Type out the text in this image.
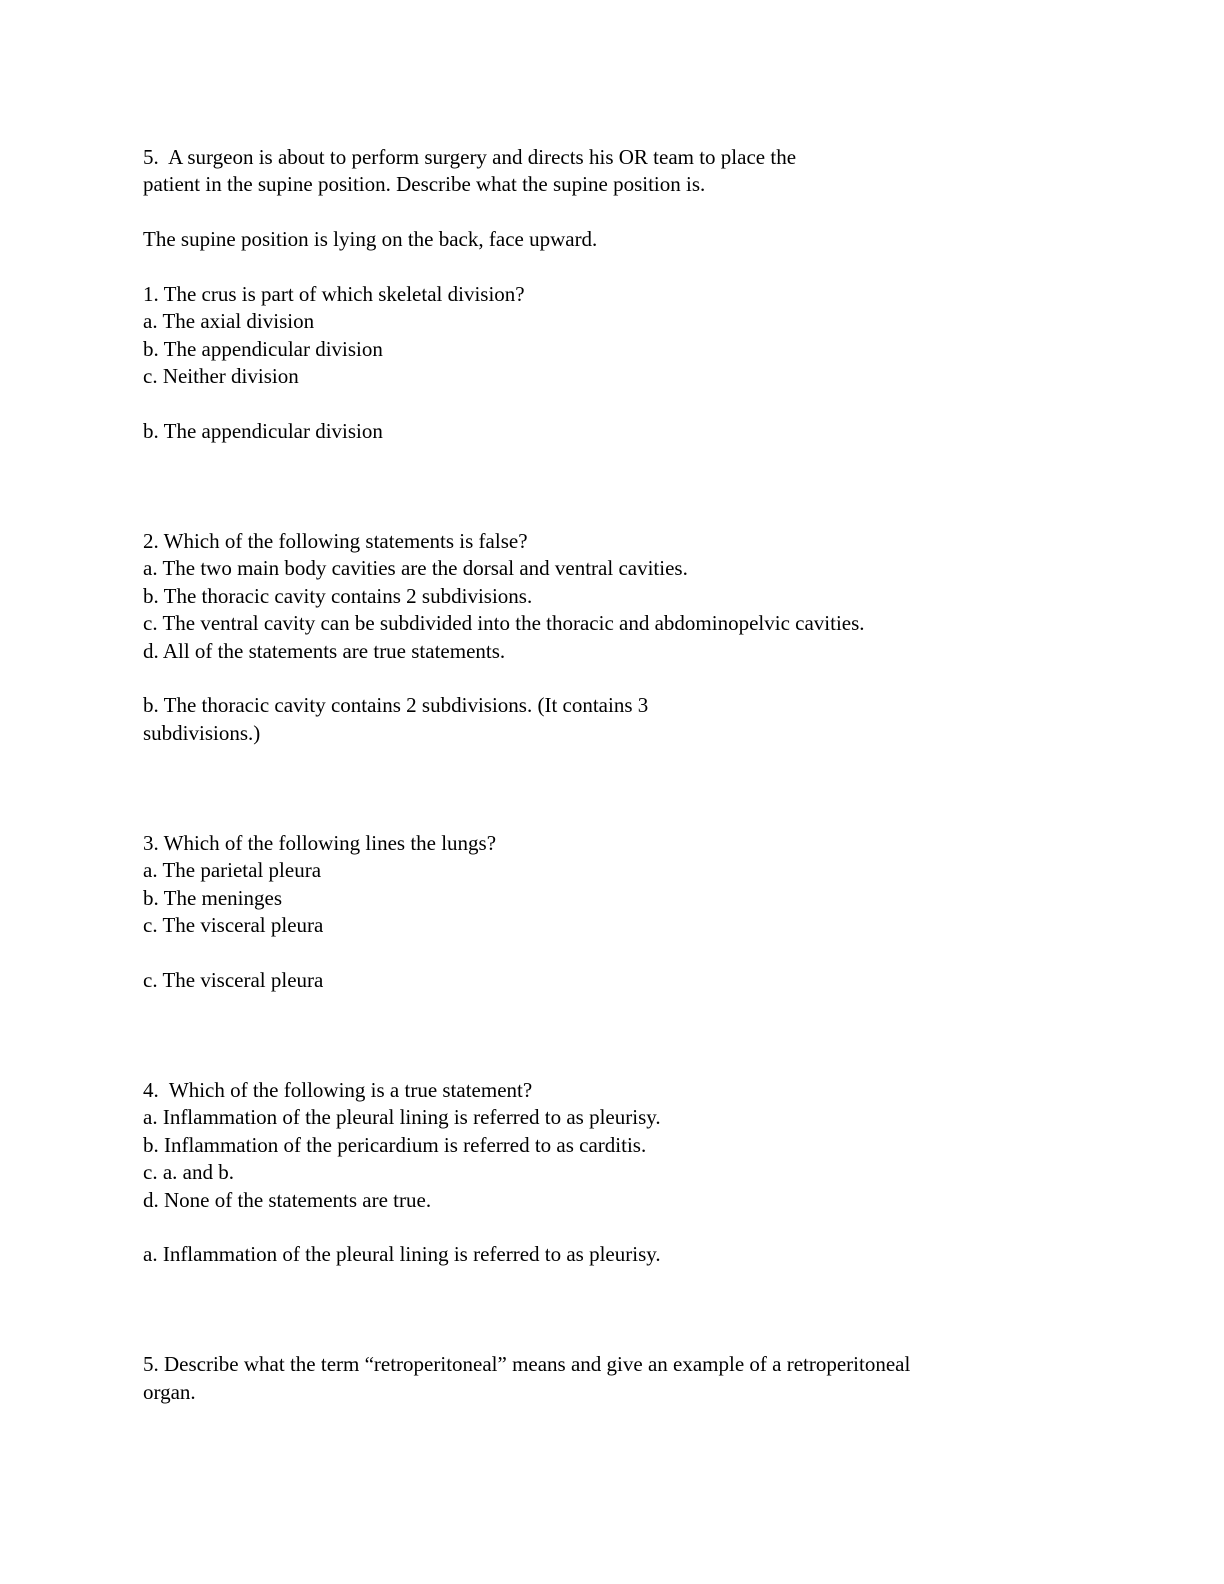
5.  A surgeon is about to perform surgery and directs his OR team to place the
patient in the supine position. Describe what the supine position is.
The supine position is lying on the back, face upward.
1. The crus is part of which skeletal division?
a. The axial division
b. The appendicular division
c. Neither division
b. The appendicular division
2. Which of the following statements is false?
a. The two main body cavities are the dorsal and ventral cavities.
b. The thoracic cavity contains 2 subdivisions.
c. The ventral cavity can be subdivided into the thoracic and abdominopelvic cavities.
d. All of the statements are true statements.
b. The thoracic cavity contains 2 subdivisions. (It contains 3
subdivisions.)
3. Which of the following lines the lungs?
a. The parietal pleura
b. The meninges
c. The visceral pleura
c. The visceral pleura
4.  Which of the following is a true statement?
a. Inflammation of the pleural lining is referred to as pleurisy.
b. Inflammation of the pericardium is referred to as carditis.
c. a. and b.
d. None of the statements are true.
a. Inflammation of the pleural lining is referred to as pleurisy.
5. Describe what the term “retroperitoneal” means and give an example of a retroperitoneal
organ.
